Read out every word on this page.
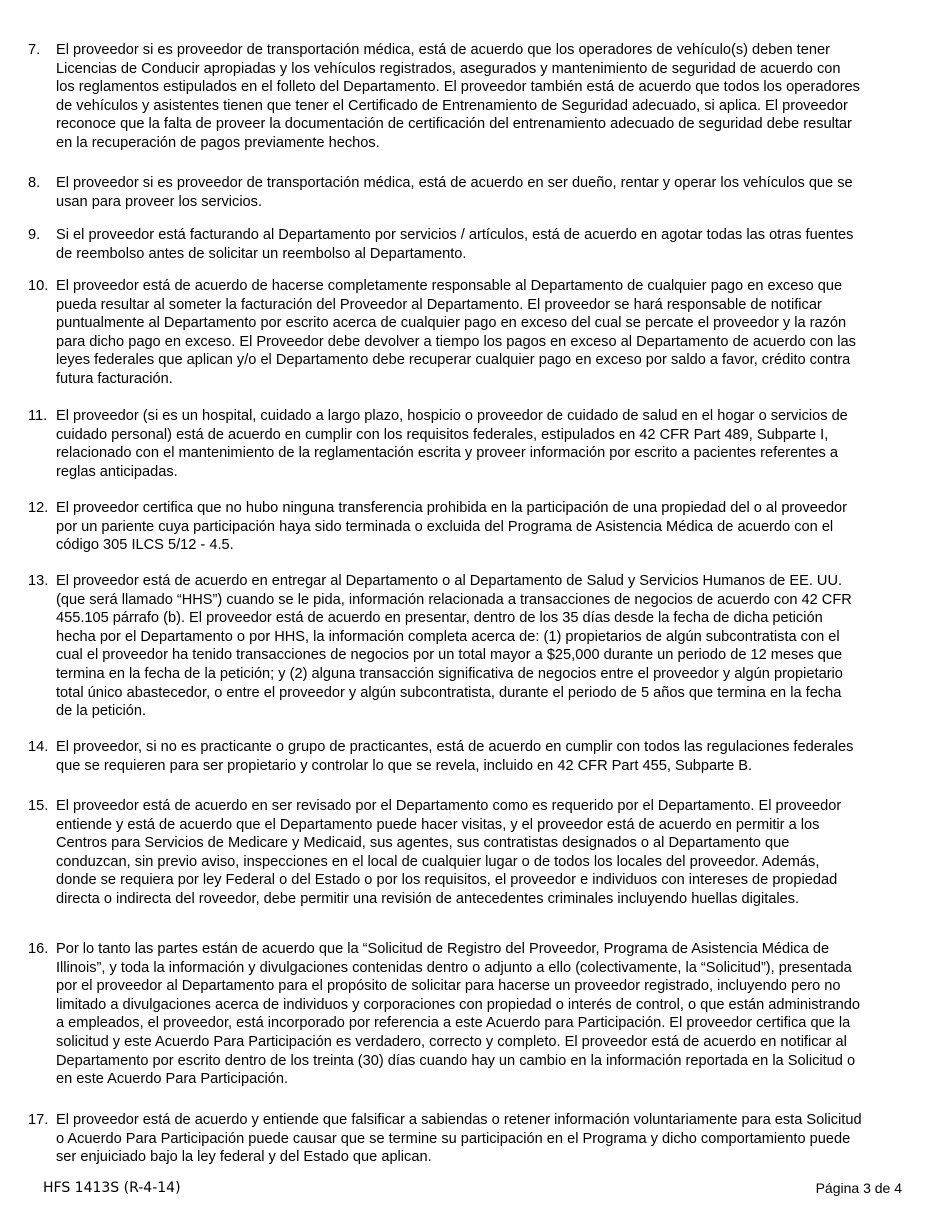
7.	El proveedor si es proveedor de transportación médica, está de acuerdo que los operadores de vehículo(s) deben tener
Licencias de Conducir apropiadas y los vehículos registrados, asegurados y mantenimiento de seguridad de acuerdo con
los reglamentos estipulados en el folleto del Departamento. El proveedor también está de acuerdo que todos los operadores
de vehículos y asistentes tienen que tener el Certificado de Entrenamiento de Seguridad adecuado, si aplica. El proveedor
reconoce que la falta de proveer la documentación de certificación del entrenamiento adecuado de seguridad debe resultar
en la recuperación de pagos previamente hechos.
8.	El proveedor si es proveedor de transportación médica, está de acuerdo en ser dueño, rentar y operar los vehículos que se
usan para proveer los servicios.
9.	Si el proveedor está facturando al Departamento por servicios / artículos, está de acuerdo en agotar todas las otras fuentes
de reembolso antes de solicitar un reembolso al Departamento.
10. El proveedor está de acuerdo de hacerse completamente responsable al Departamento de cualquier pago en exceso que
pueda resultar al someter la facturación del Proveedor al Departamento. El proveedor se hará responsable de notificar
puntualmente al Departamento por escrito acerca de cualquier pago en exceso del cual se percate el proveedor y la razón
para dicho pago en exceso. El Proveedor debe devolver a tiempo los pagos en exceso al Departamento de acuerdo con las
leyes federales que aplican y/o el Departamento debe recuperar cualquier pago en exceso por saldo a favor, crédito contra
futura facturación.
11. El proveedor (si es un hospital, cuidado a largo plazo, hospicio o proveedor de cuidado de salud en el hogar o servicios de
cuidado personal) está de acuerdo en cumplir con los requisitos federales, estipulados en 42 CFR Part 489, Subparte I,
relacionado con el mantenimiento de la reglamentación escrita y proveer información por escrito a pacientes referentes a
reglas anticipadas.
12. El proveedor certifica que no hubo ninguna transferencia prohibida en la participación de una propiedad del o al proveedor
por un pariente cuya participación haya sido terminada o excluida del Programa de Asistencia Médica de acuerdo con el
código 305 ILCS 5/12 - 4.5.
13. El proveedor está de acuerdo en entregar al Departamento o al Departamento de Salud y Servicios Humanos de EE. UU.
(que será llamado “HHS”) cuando se le pida, información relacionada a transacciones de negocios de acuerdo con 42 CFR
455.105 párrafo (b). El proveedor está de acuerdo en presentar, dentro de los 35 días desde la fecha de dicha petición
hecha por el Departamento o por HHS, la información completa acerca de: (1) propietarios de algún subcontratista con el
cual el proveedor ha tenido transacciones de negocios por un total mayor a $25,000 durante un periodo de 12 meses que
termina en la fecha de la petición; y (2) alguna transacción significativa de negocios entre el proveedor y algún propietario
total único abastecedor, o entre el proveedor y algún subcontratista, durante el periodo de 5 años que termina en la fecha
de la petición.
14. El proveedor, si no es practicante o grupo de practicantes, está de acuerdo en cumplir con todos las regulaciones federales
que se requieren para ser propietario y controlar lo que se revela, incluido en 42 CFR Part 455, Subparte B.
15. El proveedor está de acuerdo en ser revisado por el Departamento como es requerido por el Departamento. El proveedor
entiende y está de acuerdo que el Departamento puede hacer visitas, y el proveedor está de acuerdo en permitir a los
Centros para Servicios de Medicare y Medicaid, sus agentes, sus contratistas designados o al Departamento que
conduzcan, sin previo aviso, inspecciones en el local de cualquier lugar o de todos los locales del proveedor. Además,
donde se requiera por ley Federal o del Estado o por los requisitos, el proveedor e individuos con intereses de propiedad
directa o indirecta del roveedor, debe permitir una revisión de antecedentes criminales incluyendo huellas digitales.
16. Por lo tanto las partes están de acuerdo que la “Solicitud de Registro del Proveedor, Programa de Asistencia Médica de
Illinois”, y toda la información y divulgaciones contenidas dentro o adjunto a ello (colectivamente, la “Solicitud”), presentada
por el proveedor al Departamento para el propósito de solicitar para hacerse un proveedor registrado, incluyendo pero no
limitado a divulgaciones acerca de individuos y corporaciones con propiedad o interés de control, o que están administrando
a empleados, el proveedor, está incorporado por referencia a este Acuerdo para Participación. El proveedor certifica que la
solicitud y este Acuerdo Para Participación es verdadero, correcto y completo. El proveedor está de acuerdo en notificar al
Departamento por escrito dentro de los treinta (30) días cuando hay un cambio en la información reportada en la Solicitud o
en este Acuerdo Para Participación.
17. El proveedor está de acuerdo y entiende que falsificar a sabiendas o retener información voluntariamente para esta Solicitud
o Acuerdo Para Participación puede causar que se termine su participación en el Programa y dicho comportamiento puede
ser enjuiciado bajo la ley federal y del Estado que aplican.
HFS 1413S (R-4-14)	Página 3 de 4
